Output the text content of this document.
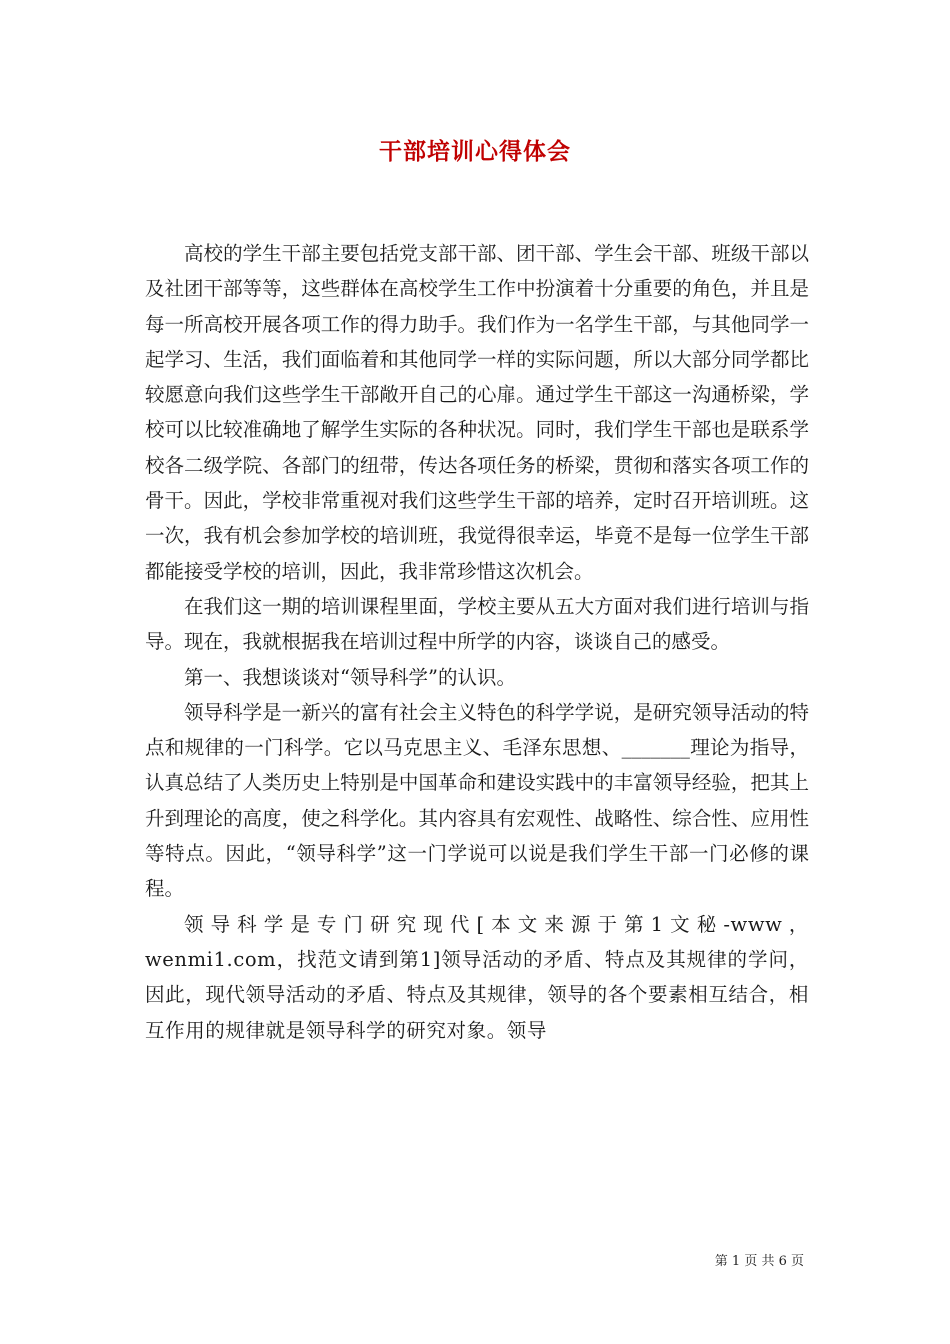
干部培训心得体会

高校的学生干部主要包括党支部干部、团干部、学生会干部、班级干部以及社团干部等等，这些群体在高校学生工作中扮演着十分重要的角色，并且是每一所高校开展各项工作的得力助手。我们作为一名学生干部，与其他同学一起学习、生活，我们面临着和其他同学一样的实际问题，所以大部分同学都比较愿意向我们这些学生干部敞开自己的心扉。通过学生干部这一沟通桥梁，学校可以比较准确地了解学生实际的各种状况。同时，我们学生干部也是联系学校各二级学院、各部门的纽带，传达各项任务的桥梁，贯彻和落实各项工作的骨干。因此，学校非常重视对我们这些学生干部的培养，定时召开培训班。这一次，我有机会参加学校的培训班，我觉得很幸运，毕竟不是每一位学生干部都能接受学校的培训，因此，我非常珍惜这次机会。

在我们这一期的培训课程里面，学校主要从五大方面对我们进行培训与指导。现在，我就根据我在培训过程中所学的内容，谈谈自己的感受。

第一、我想谈谈对“领导科学”的认识。

领导科学是一新兴的富有社会主义特色的科学学说，是研究领导活动的特点和规律的一门科学。它以马克思主义、毛泽东思想、_______理论为指导，认真总结了人类历史上特别是中国革命和建设实践中的丰富领导经验，把其上升到理论的高度，使之科学化。其内容具有宏观性、战略性、综合性、应用性等特点。因此，“领导科学”这一门学说可以说是我们学生干部一门必修的课程。

领导科学是专门研究现代[本文来源于第1文秘-www，wenmi1.com，找范文请到第1]领导活动的矛盾、特点及其规律的学问，因此，现代领导活动的矛盾、特点及其规律，领导的各个要素相互结合，相互作用的规律就是领导科学的研究对象。领导

第 1 页 共 6 页
